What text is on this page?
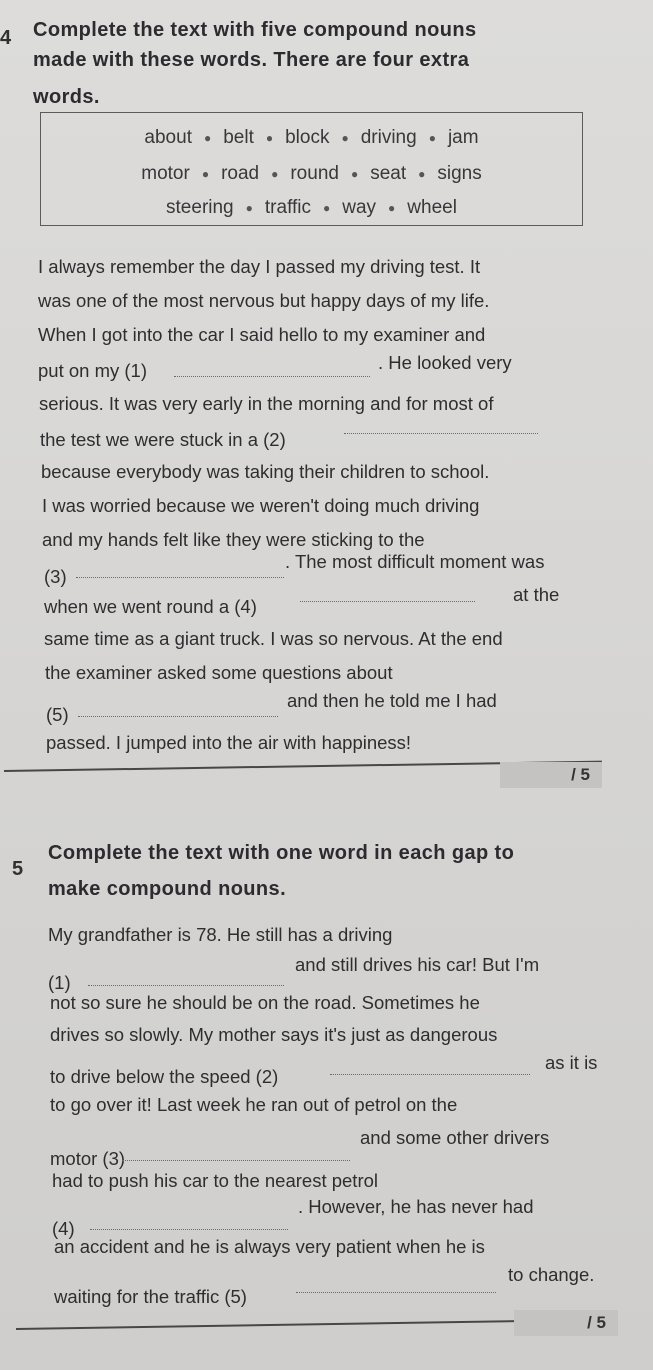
4 Complete the text with five compound nouns
made with these words. There are four extra
words.
about ● belt ● block ● driving ● jam
motor ● road ● round ● seat ● signs
steering ● traffic ● way ● wheel
I always remember the day I passed my driving test. It
was one of the most nervous but happy days of my life.
When I got into the car I said hello to my examiner and
put on my (1)	. He looked very
serious. It was very early in the morning and for most of
the test we were stuck in a (2)
because everybody was taking their children to school.
I was worried because we weren't doing much driving
and my hands felt like they were sticking to the
(3)
. The most difficult moment was
when we went round a (4)
at the
same time as a giant truck. I was so nervous. At the end
the examiner asked some questions about
(5)
and then he told me I had
passed. I jumped into the air with happiness!
/ 5
5
Complete the text with one word in each gap to
make compound nouns.
My grandfather is 78. He still has a driving
(1)
and still drives his car! But I'm
not so sure he should be on the road. Sometimes he
drives so slowly. My mother says it's just as dangerous
to drive below the speed (2)
as it is
to go over it! Last week he ran out of petrol on the
motor (3)
and some other drivers
had to push his car to the nearest petrol
(4)
. However, he has never had
an accident and he is always very patient when he is
waiting for the traffic (5)
to change.
/ 5
